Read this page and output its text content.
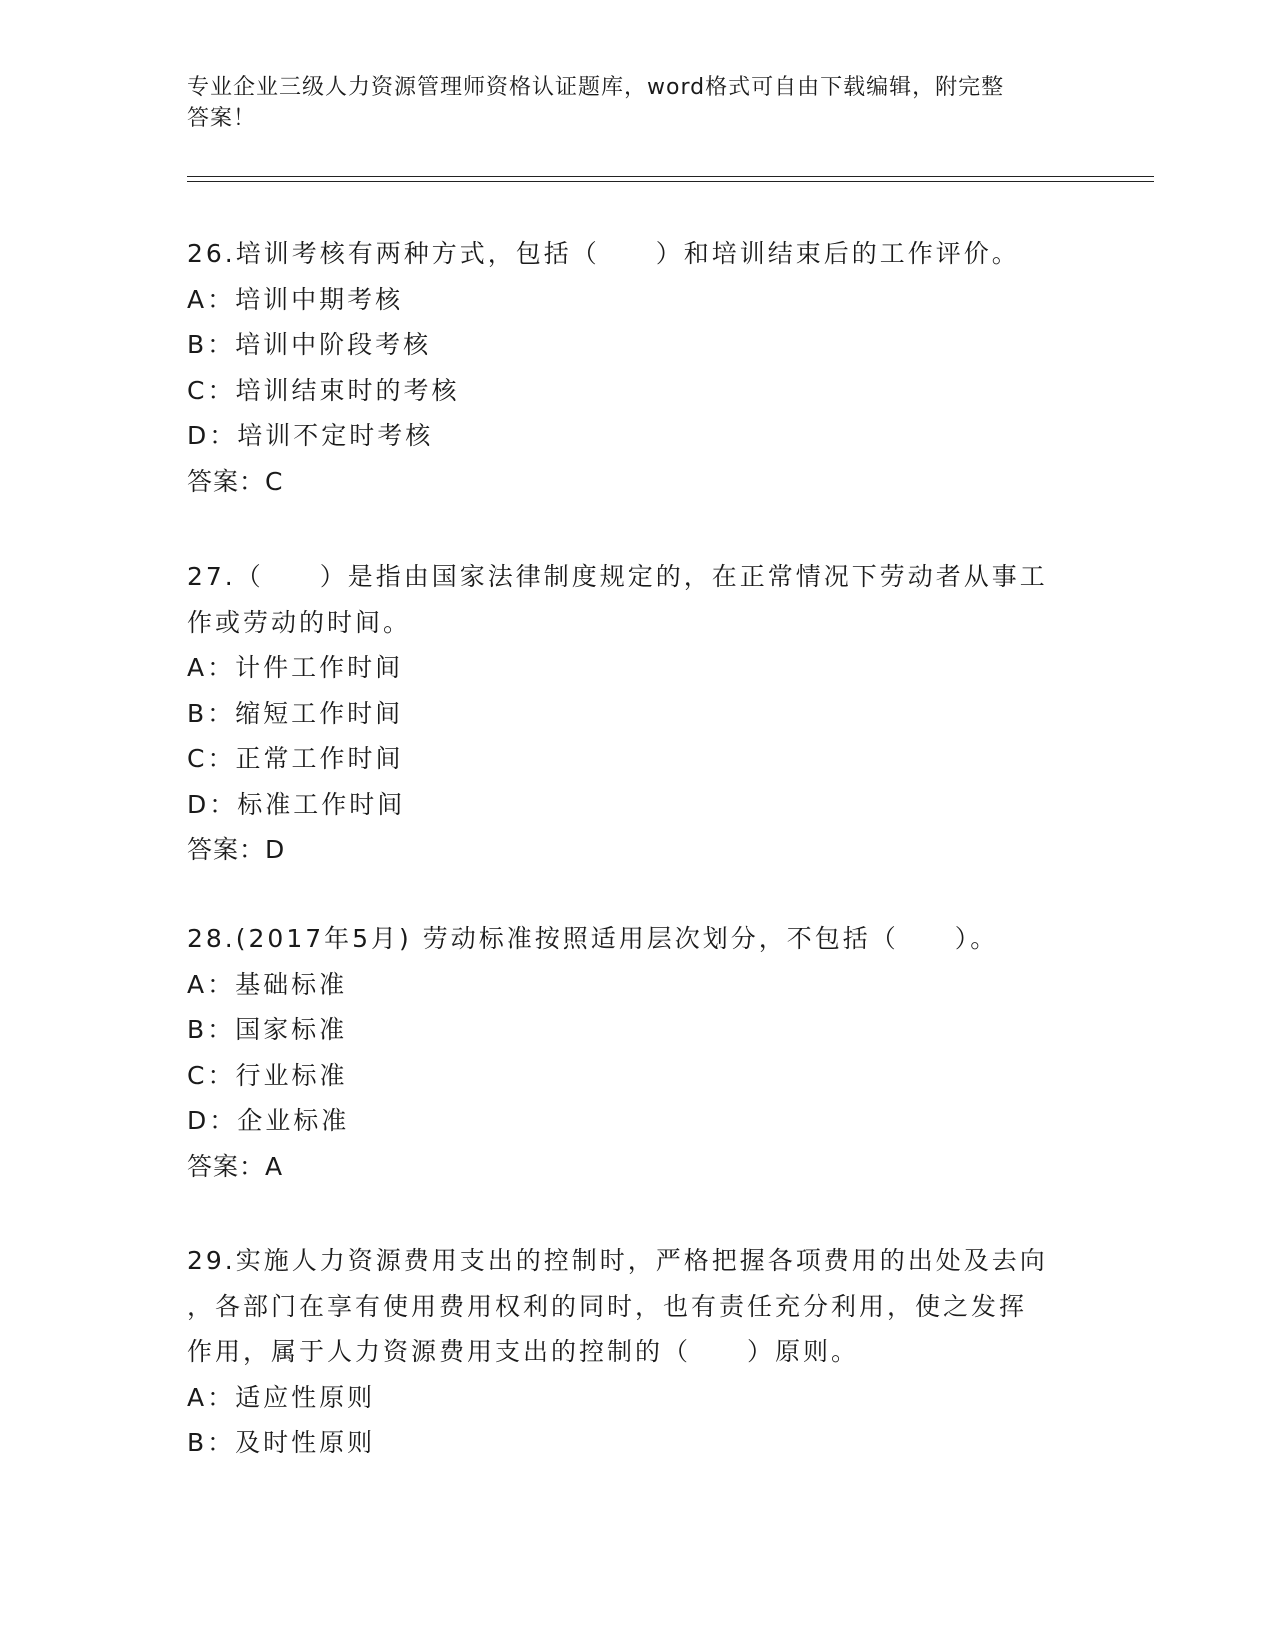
专业企业三级人力资源管理师资格认证题库，word格式可自由下载编辑，附完整
答案！
26.培训考核有两种方式，包括（　　）和培训结束后的工作评价。
A：培训中期考核
B：培训中阶段考核
C：培训结束时的考核
D：培训不定时考核
答案：C
27.（　　）是指由国家法律制度规定的，在正常情况下劳动者从事工
作或劳动的时间。
A：计件工作时间
B：缩短工作时间
C：正常工作时间
D：标准工作时间
答案：D
28.(2017年5月) 劳动标准按照适用层次划分，不包括（　　）。
A：基础标准
B：国家标准
C：行业标准
D：企业标准
答案：A
29.实施人力资源费用支出的控制时，严格把握各项费用的出处及去向
，各部门在享有使用费用权利的同时，也有责任充分利用，使之发挥
作用，属于人力资源费用支出的控制的（　　）原则。
A：适应性原则
B：及时性原则
